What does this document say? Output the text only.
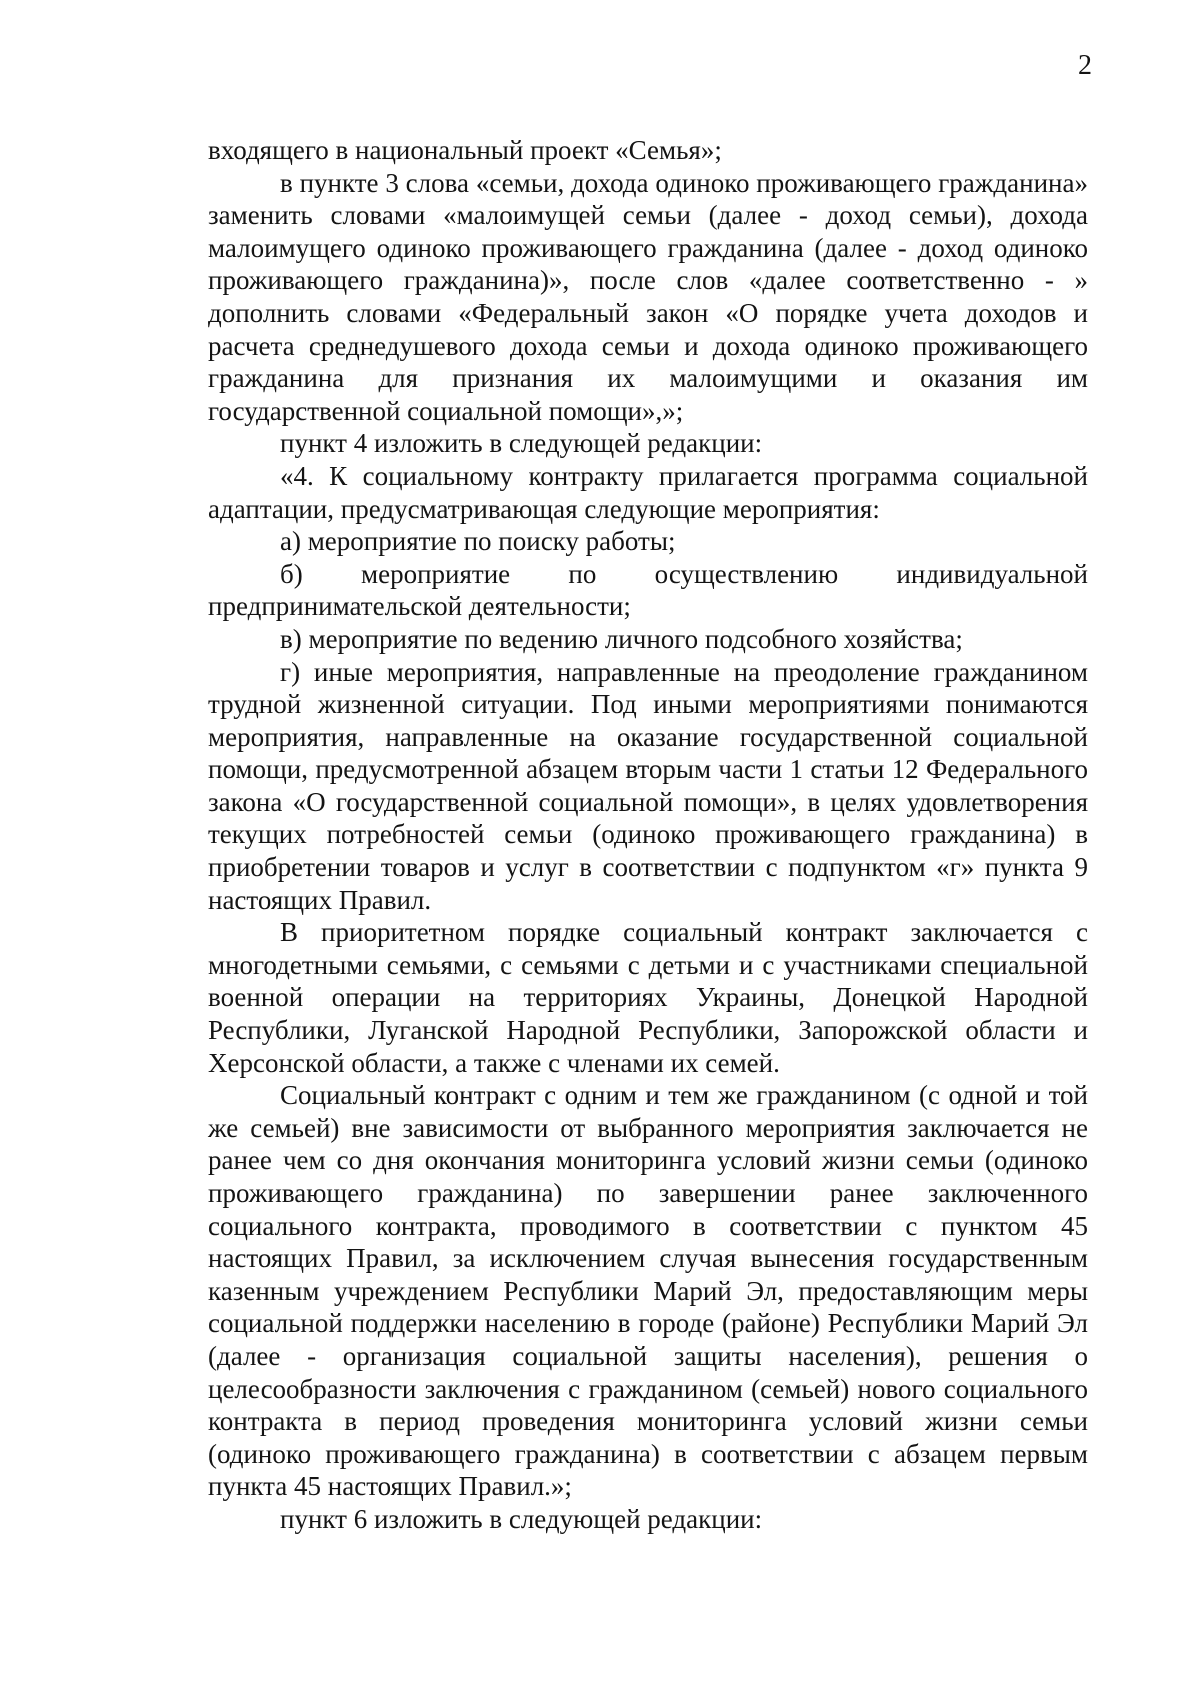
2

входящего в национальный проект «Семья»;

в пункте 3 слова «семьи, дохода одиноко проживающего гражданина» заменить словами «малоимущей семьи (далее - доход семьи), дохода малоимущего одиноко проживающего гражданина (далее - доход одиноко проживающего гражданина)», после слов «далее соответственно - » дополнить словами «Федеральный закон «О порядке учета доходов и расчета среднедушевого дохода семьи и дохода одиноко проживающего гражданина для признания их малоимущими и оказания им государственной социальной помощи»,»;

пункт 4 изложить в следующей редакции:

«4. К социальному контракту прилагается программа социальной адаптации, предусматривающая следующие мероприятия:

а) мероприятие по поиску работы;

б) мероприятие по осуществлению индивидуальной предпринимательской деятельности;

в) мероприятие по ведению личного подсобного хозяйства;

г) иные мероприятия, направленные на преодоление гражданином трудной жизненной ситуации. Под иными мероприятиями понимаются мероприятия, направленные на оказание государственной социальной помощи, предусмотренной абзацем вторым части 1 статьи 12 Федерального закона «О государственной социальной помощи», в целях удовлетворения текущих потребностей семьи (одиноко проживающего гражданина) в приобретении товаров и услуг в соответствии с подпунктом «г» пункта 9 настоящих Правил.

В приоритетном порядке социальный контракт заключается с многодетными семьями, с семьями с детьми и с участниками специальной военной операции на территориях Украины, Донецкой Народной Республики, Луганской Народной Республики, Запорожской области и Херсонской области, а также с членами их семей.

Социальный контракт с одним и тем же гражданином (с одной и той же семьей) вне зависимости от выбранного мероприятия заключается не ранее чем со дня окончания мониторинга условий жизни семьи (одиноко проживающего гражданина) по завершении ранее заключенного социального контракта, проводимого в соответствии с пунктом 45 настоящих Правил, за исключением случая вынесения государственным казенным учреждением Республики Марий Эл, предоставляющим меры социальной поддержки населению в городе (районе) Республики Марий Эл (далее - организация социальной защиты населения), решения о целесообразности заключения с гражданином (семьей) нового социального контракта в период проведения мониторинга условий жизни семьи (одиноко проживающего гражданина) в соответствии с абзацем первым пункта 45 настоящих Правил.»;

пункт 6 изложить в следующей редакции:
